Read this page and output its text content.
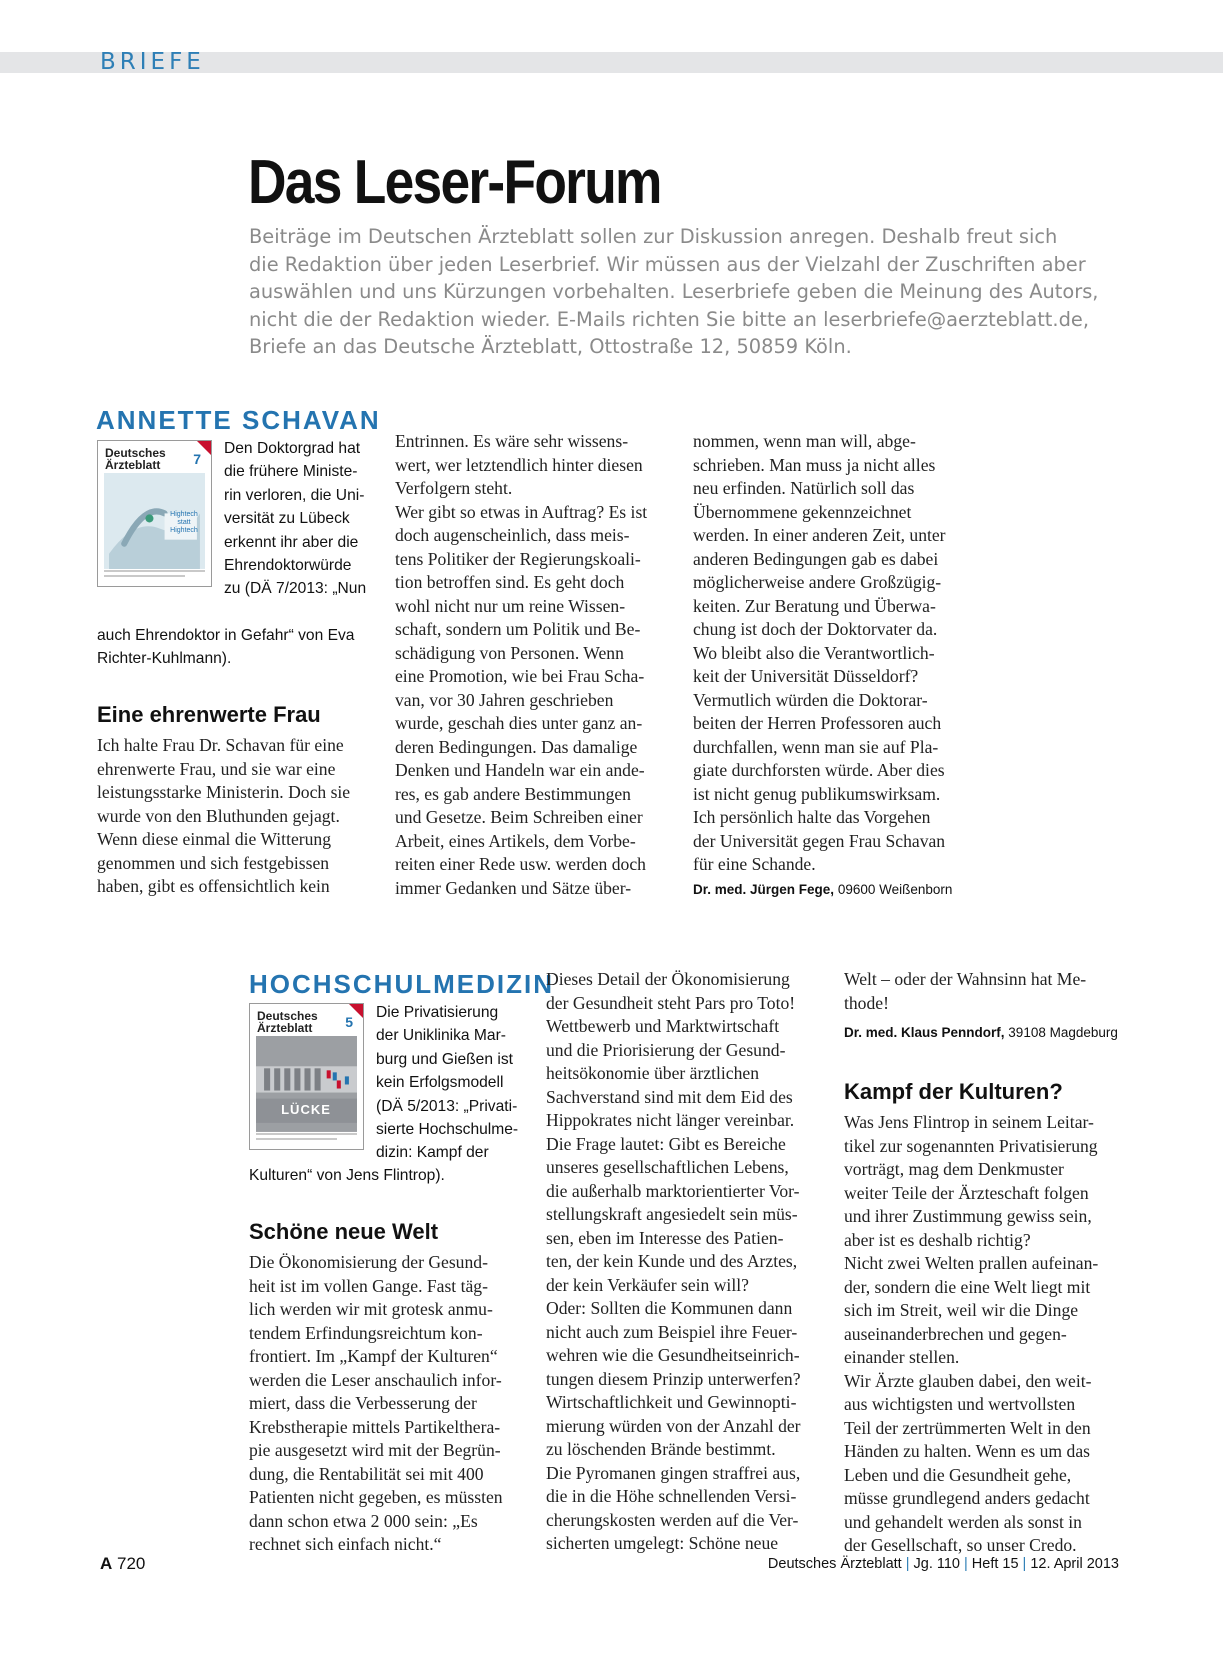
BRIEFE
Das Leser-Forum
Beiträge im Deutschen Ärzteblatt sollen zur Diskussion anregen. Deshalb freut sich
die Redaktion über jeden Leserbrief. Wir müssen aus der Vielzahl der Zuschriften aber
auswählen und uns Kürzungen vorbehalten. Leserbriefe geben die Meinung des Autors,
nicht die der Redaktion wieder. E-Mails richten Sie bitte an leserbriefe@aerzteblatt.de,
Briefe an das Deutsche Ärzteblatt, Ottostraße 12, 50859 Köln.
ANNETTE SCHAVAN
Deutsches
Ärzteblatt	7
Hightech statt Hightech
Den Doktorgrad hat
die frühere Ministe-
rin verloren, die Uni-
versität zu Lübeck
erkennt ihr aber die
Ehrendoktorwürde
zu (DÄ 7/2013: „Nun
auch Ehrendoktor in Gefahr“ von Eva
Richter-Kuhlmann).
Eine ehrenwerte Frau
Ich halte Frau Dr. Schavan für eine
ehrenwerte Frau, und sie war eine
leistungsstarke Ministerin. Doch sie
wurde von den Bluthunden gejagt.
Wenn diese einmal die Witterung
genommen und sich festgebissen
haben, gibt es offensichtlich kein
Entrinnen. Es wäre sehr wissens-
wert, wer letztendlich hinter diesen
Verfolgern steht.
Wer gibt so etwas in Auftrag? Es ist
doch augenscheinlich, dass meis-
tens Politiker der Regierungskoali-
tion betroffen sind. Es geht doch
wohl nicht nur um reine Wissen-
schaft, sondern um Politik und Be-
schädigung von Personen. Wenn
eine Promotion, wie bei Frau Scha-
van, vor 30 Jahren geschrieben
wurde, geschah dies unter ganz an-
deren Bedingungen. Das damalige
Denken und Handeln war ein ande-
res, es gab andere Bestimmungen
und Gesetze. Beim Schreiben einer
Arbeit, eines Artikels, dem Vorbe-
reiten einer Rede usw. werden doch
immer Gedanken und Sätze über-
nommen, wenn man will, abge-
schrieben. Man muss ja nicht alles
neu erfinden. Natürlich soll das
Übernommene gekennzeichnet
werden. In einer anderen Zeit, unter
anderen Bedingungen gab es dabei
möglicherweise andere Großzügig-
keiten. Zur Beratung und Überwa-
chung ist doch der Doktorvater da.
Wo bleibt also die Verantwortlich-
keit der Universität Düsseldorf?
Vermutlich würden die Doktorar-
beiten der Herren Professoren auch
durchfallen, wenn man sie auf Pla-
giate durchforsten würde. Aber dies
ist nicht genug publikumswirksam.
Ich persönlich halte das Vorgehen
der Universität gegen Frau Schavan
für eine Schande.
Dr. med. Jürgen Fege, 09600 Weißenborn
HOCHSCHULMEDIZIN
Deutsches
Ärzteblatt	5
LÜCKE
Die Privatisierung
der Uniklinika Mar-
burg und Gießen ist
kein Erfolgsmodell
(DÄ 5/2013: „Privati-
sierte Hochschulme-
dizin: Kampf der
Kulturen“ von Jens Flintrop).
Schöne neue Welt
Die Ökonomisierung der Gesund-
heit ist im vollen Gange. Fast täg-
lich werden wir mit grotesk anmu-
tendem Erfindungsreichtum kon-
frontiert. Im „Kampf der Kulturen“
werden die Leser anschaulich infor-
miert, dass die Verbesserung der
Krebstherapie mittels Partikelthera-
pie ausgesetzt wird mit der Begrün-
dung, die Rentabilität sei mit 400
Patienten nicht gegeben, es müssten
dann schon etwa 2 000 sein: „Es
rechnet sich einfach nicht.“
Dieses Detail der Ökonomisierung
der Gesundheit steht Pars pro Toto!
Wettbewerb und Marktwirtschaft
und die Priorisierung der Gesund-
heitsökonomie über ärztlichen
Sachverstand sind mit dem Eid des
Hippokrates nicht länger vereinbar.
Die Frage lautet: Gibt es Bereiche
unseres gesellschaftlichen Lebens,
die außerhalb marktorientierter Vor-
stellungskraft angesiedelt sein müs-
sen, eben im Interesse des Patien-
ten, der kein Kunde und des Arztes,
der kein Verkäufer sein will?
Oder: Sollten die Kommunen dann
nicht auch zum Beispiel ihre Feuer-
wehren wie die Gesundheitseinrich-
tungen diesem Prinzip unterwerfen?
Wirtschaftlichkeit und Gewinnopti-
mierung würden von der Anzahl der
zu löschenden Brände bestimmt.
Die Pyromanen gingen straffrei aus,
die in die Höhe schnellenden Versi-
cherungskosten werden auf die Ver-
sicherten umgelegt: Schöne neue
Welt – oder der Wahnsinn hat Me-
thode!
Dr. med. Klaus Penndorf, 39108 Magdeburg
Kampf der Kulturen?
Was Jens Flintrop in seinem Leitar-
tikel zur sogenannten Privatisierung
vorträgt, mag dem Denkmuster
weiter Teile der Ärzteschaft folgen
und ihrer Zustimmung gewiss sein,
aber ist es deshalb richtig?
Nicht zwei Welten prallen aufeinan-
der, sondern die eine Welt liegt mit
sich im Streit, weil wir die Dinge
auseinanderbrechen und gegen-
einander stellen.
Wir Ärzte glauben dabei, den weit-
aus wichtigsten und wertvollsten
Teil der zertrümmerten Welt in den
Händen zu halten. Wenn es um das
Leben und die Gesundheit gehe,
müsse grundlegend anders gedacht
und gehandelt werden als sonst in
der Gesellschaft, so unser Credo.
A 720	Deutsches Ärzteblatt | Jg. 110 | Heft 15 | 12. April 2013
